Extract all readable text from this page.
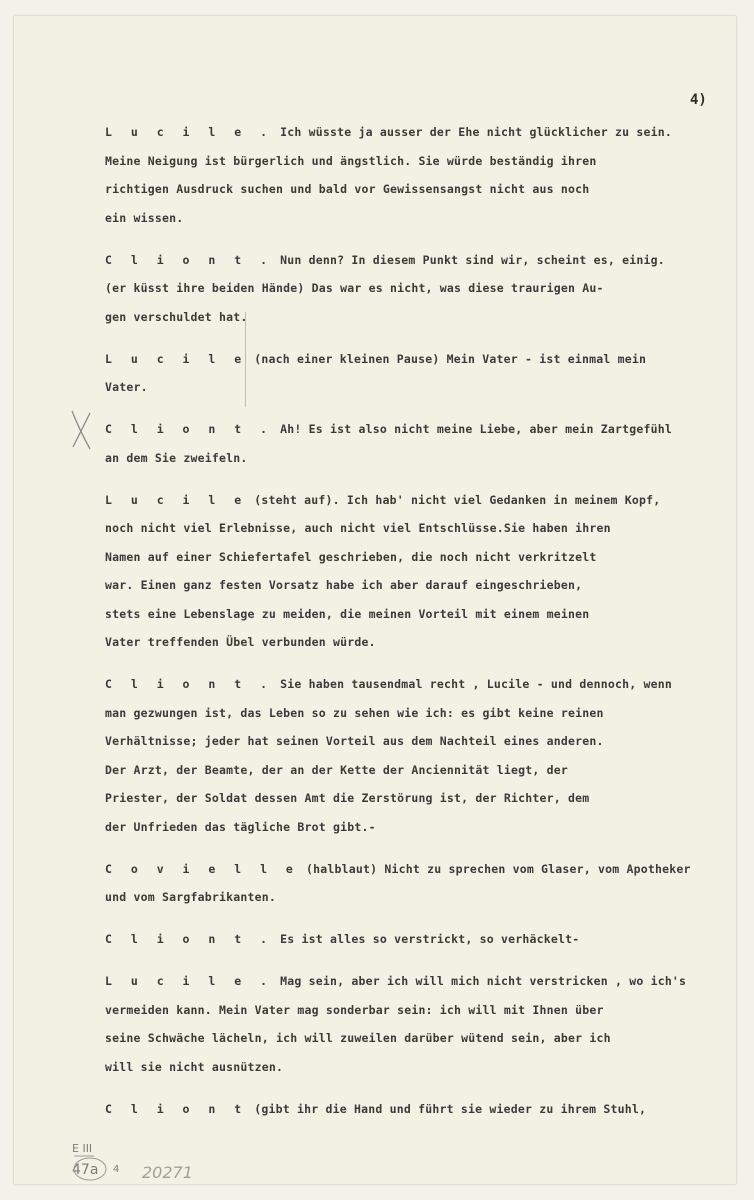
4)
L u c i l e . Ich wüsste ja ausser der Ehe nicht glücklicher zu sein.
Meine Neigung ist bürgerlich und ängstlich. Sie würde beständig ihren
richtigen Ausdruck suchen und bald vor Gewissensangst nicht aus noch
ein wissen.
C l i o n t . Nun denn? In diesem Punkt sind wir, scheint es, einig.
(er küsst ihre beiden Hände) Das war es nicht, was diese traurigen Au-
gen verschuldet hat.
L u c i l e (nach einer kleinen Pause) Mein Vater - ist einmal mein
Vater.
C l i o n t . Ah! Es ist also nicht meine Liebe, aber mein Zartgefühl
an dem Sie zweifeln.
L u c i l e (steht auf). Ich hab' nicht viel Gedanken in meinem Kopf,
noch nicht viel Erlebnisse, auch nicht viel Entschlüsse.Sie haben ihren
Namen auf einer Schiefertafel geschrieben, die noch nicht verkritzelt
war. Einen ganz festen Vorsatz habe ich aber darauf eingeschrieben,
stets eine Lebenslage zu meiden, die meinen Vorteil mit einem meinen
Vater treffenden Übel verbunden würde.
C l i o n t . Sie haben tausendmal recht , Lucile - und dennoch, wenn
man gezwungen ist, das Leben so zu sehen wie ich: es gibt keine reinen
Verhältnisse; jeder hat seinen Vorteil aus dem Nachteil eines anderen.
Der Arzt, der Beamte, der an der Kette der Anciennität liegt, der
Priester, der Soldat dessen Amt die Zerstörung ist, der Richter, dem
der Unfrieden das tägliche Brot gibt.-
C o v i e l l e (halblaut) Nicht zu sprechen vom Glaser, vom Apotheker
und vom Sargfabrikanten.
C l i o n t . Es ist alles so verstrickt, so verhäckelt-
L u c i l e . Mag sein, aber ich will mich nicht verstricken , wo ich's
vermeiden kann. Mein Vater mag sonderbar sein: ich will mit Ihnen über
seine Schwäche lächeln, ich will zuweilen darüber wütend sein, aber ich
will sie nicht ausnützen.
C l i o n t (gibt ihr die Hand und führt sie wieder zu ihrem Stuhl,
E III
47a 4 20271
